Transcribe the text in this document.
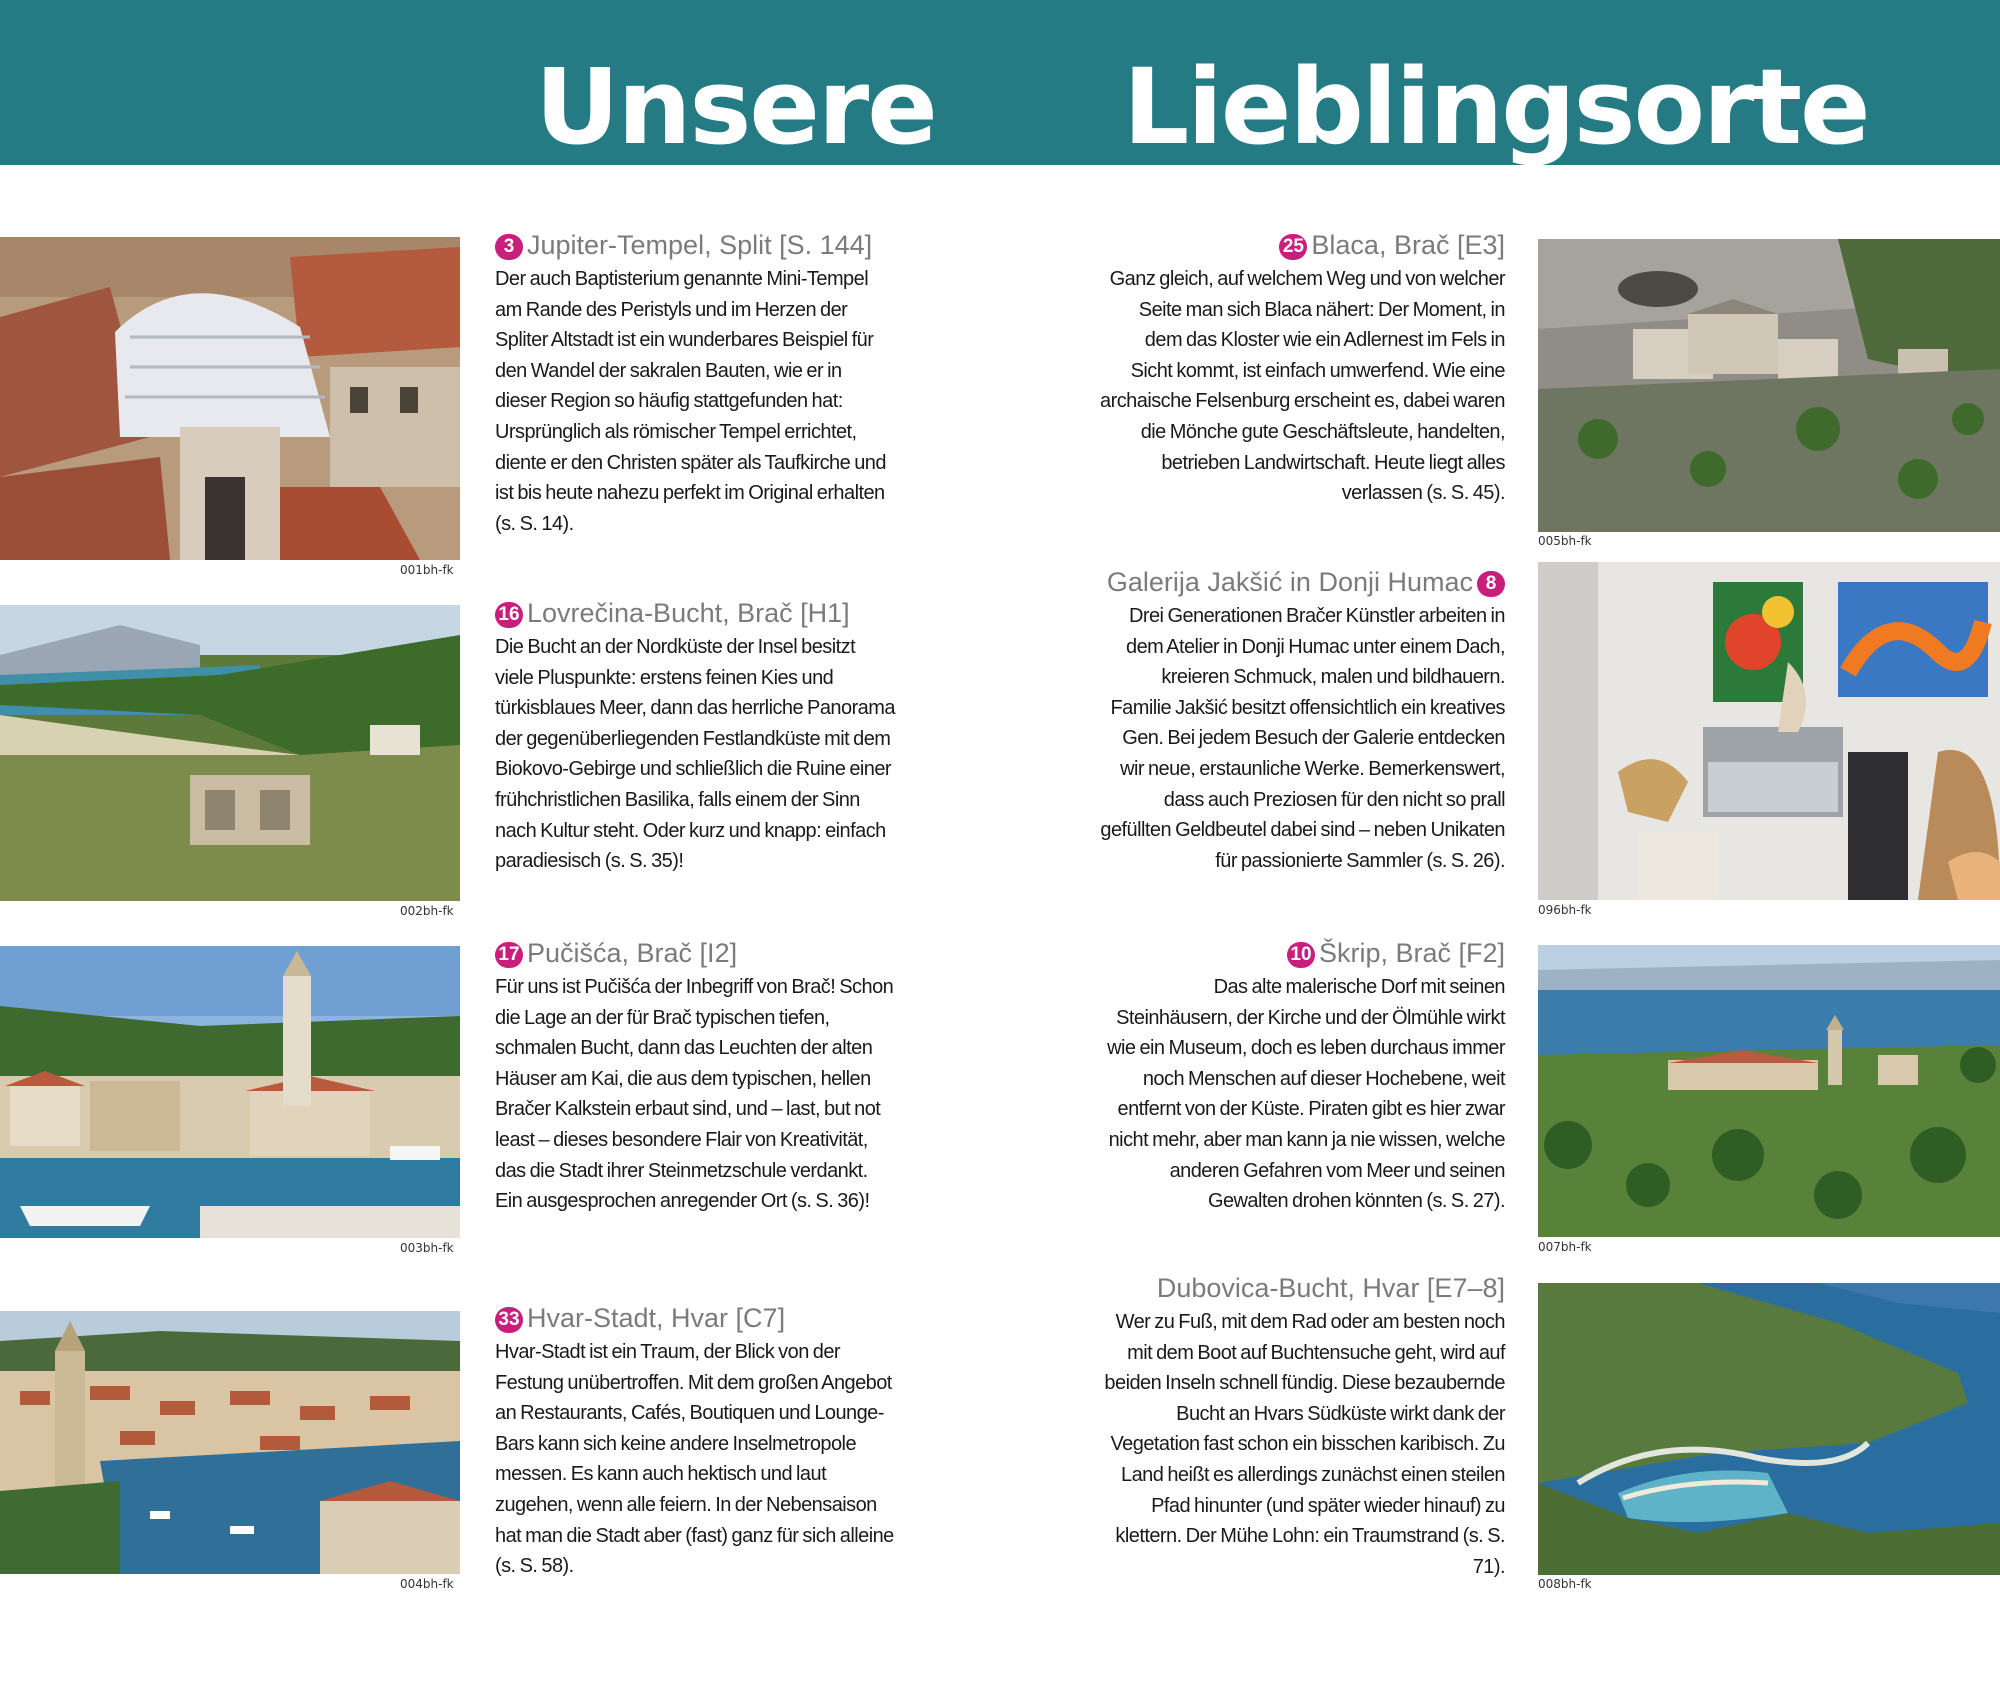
Unsere Lieblingsorte
001bh-fk
3 Jupiter-Tempel, Split [S. 144]

Der auch Baptisterium genannte Mini-Tempel am Rande des Peristyls und im Herzen der Spliter Altstadt ist ein wunderbares Beispiel für den Wandel der sakralen Bauten, wie er in dieser Region so häufig stattgefunden hat: Ursprünglich als römischer Tempel errichtet, diente er den Christen später als Taufkirche und ist bis heute nahezu perfekt im Original erhalten (s. S. 14).

002bh-fk
16 Lovrečina-Bucht, Brač [H1]

Die Bucht an der Nordküste der Insel besitzt viele Pluspunkte: erstens feinen Kies und türkisblaues Meer, dann das herrliche Panorama der gegenüberliegenden Festlandküste mit dem Biokovo-Gebirge und schließlich die Ruine einer frühchristlichen Basilika, falls einem der Sinn nach Kultur steht. Oder kurz und knapp: einfach paradiesisch (s. S. 35)!

003bh-fk
17 Pučišća, Brač [I2]

Für uns ist Pučišća der Inbegriff von Brač! Schon die Lage an der für Brač typischen tiefen, schmalen Bucht, dann das Leuchten der alten Häuser am Kai, die aus dem typischen, hellen Bračer Kalkstein erbaut sind, und – last, but not least – dieses besondere Flair von Kreativität, das die Stadt ihrer Steinmetzschule verdankt. Ein ausgesprochen anregender Ort (s. S. 36)!

004bh-fk
33 Hvar-Stadt, Hvar [C7]

Hvar-Stadt ist ein Traum, der Blick von der Festung unübertroffen. Mit dem großen Angebot an Restaurants, Cafés, Boutiquen und Lounge-Bars kann sich keine andere Inselmetropole messen. Es kann auch hektisch und laut zugehen, wenn alle feiern. In der Nebensaison hat man die Stadt aber (fast) ganz für sich alleine (s. S. 58).

25 Blaca, Brač [E3]

Ganz gleich, auf welchem Weg und von welcher Seite man sich Blaca nähert: Der Moment, in dem das Kloster wie ein Adlernest im Fels in Sicht kommt, ist einfach umwerfend. Wie eine archaische Felsenburg erscheint es, dabei waren die Mönche gute Geschäftsleute, handelten, betrieben Landwirtschaft. Heute liegt alles verlassen (s. S. 45).

005bh-fk
Galerija Jakšić in Donji Humac 8

Drei Generationen Bračer Künstler arbeiten in dem Atelier in Donji Humac unter einem Dach, kreieren Schmuck, malen und bildhauern. Familie Jakšić besitzt offensichtlich ein kreatives Gen. Bei jedem Besuch der Galerie entdecken wir neue, erstaunliche Werke. Bemerkenswert, dass auch Preziosen für den nicht so prall gefüllten Geldbeutel dabei sind – neben Unikaten für passionierte Sammler (s. S. 26).

096bh-fk
10 Škrip, Brač [F2]

Das alte malerische Dorf mit seinen Steinhäusern, der Kirche und der Ölmühle wirkt wie ein Museum, doch es leben durchaus immer noch Menschen auf dieser Hochebene, weit entfernt von der Küste. Piraten gibt es hier zwar nicht mehr, aber man kann ja nie wissen, welche anderen Gefahren vom Meer und seinen Gewalten drohen könnten (s. S. 27).

007bh-fk
Dubovica-Bucht, Hvar [E7–8]

Wer zu Fuß, mit dem Rad oder am besten noch mit dem Boot auf Buchtensuche geht, wird auf beiden Inseln schnell fündig. Diese bezaubernde Bucht an Hvars Südküste wirkt dank der Vegetation fast schon ein bisschen karibisch. Zu Land heißt es allerdings zunächst einen steilen Pfad hinunter (und später wieder hinauf) zu klettern. Der Mühe Lohn: ein Traumstrand (s. S. 71).

008bh-fk
